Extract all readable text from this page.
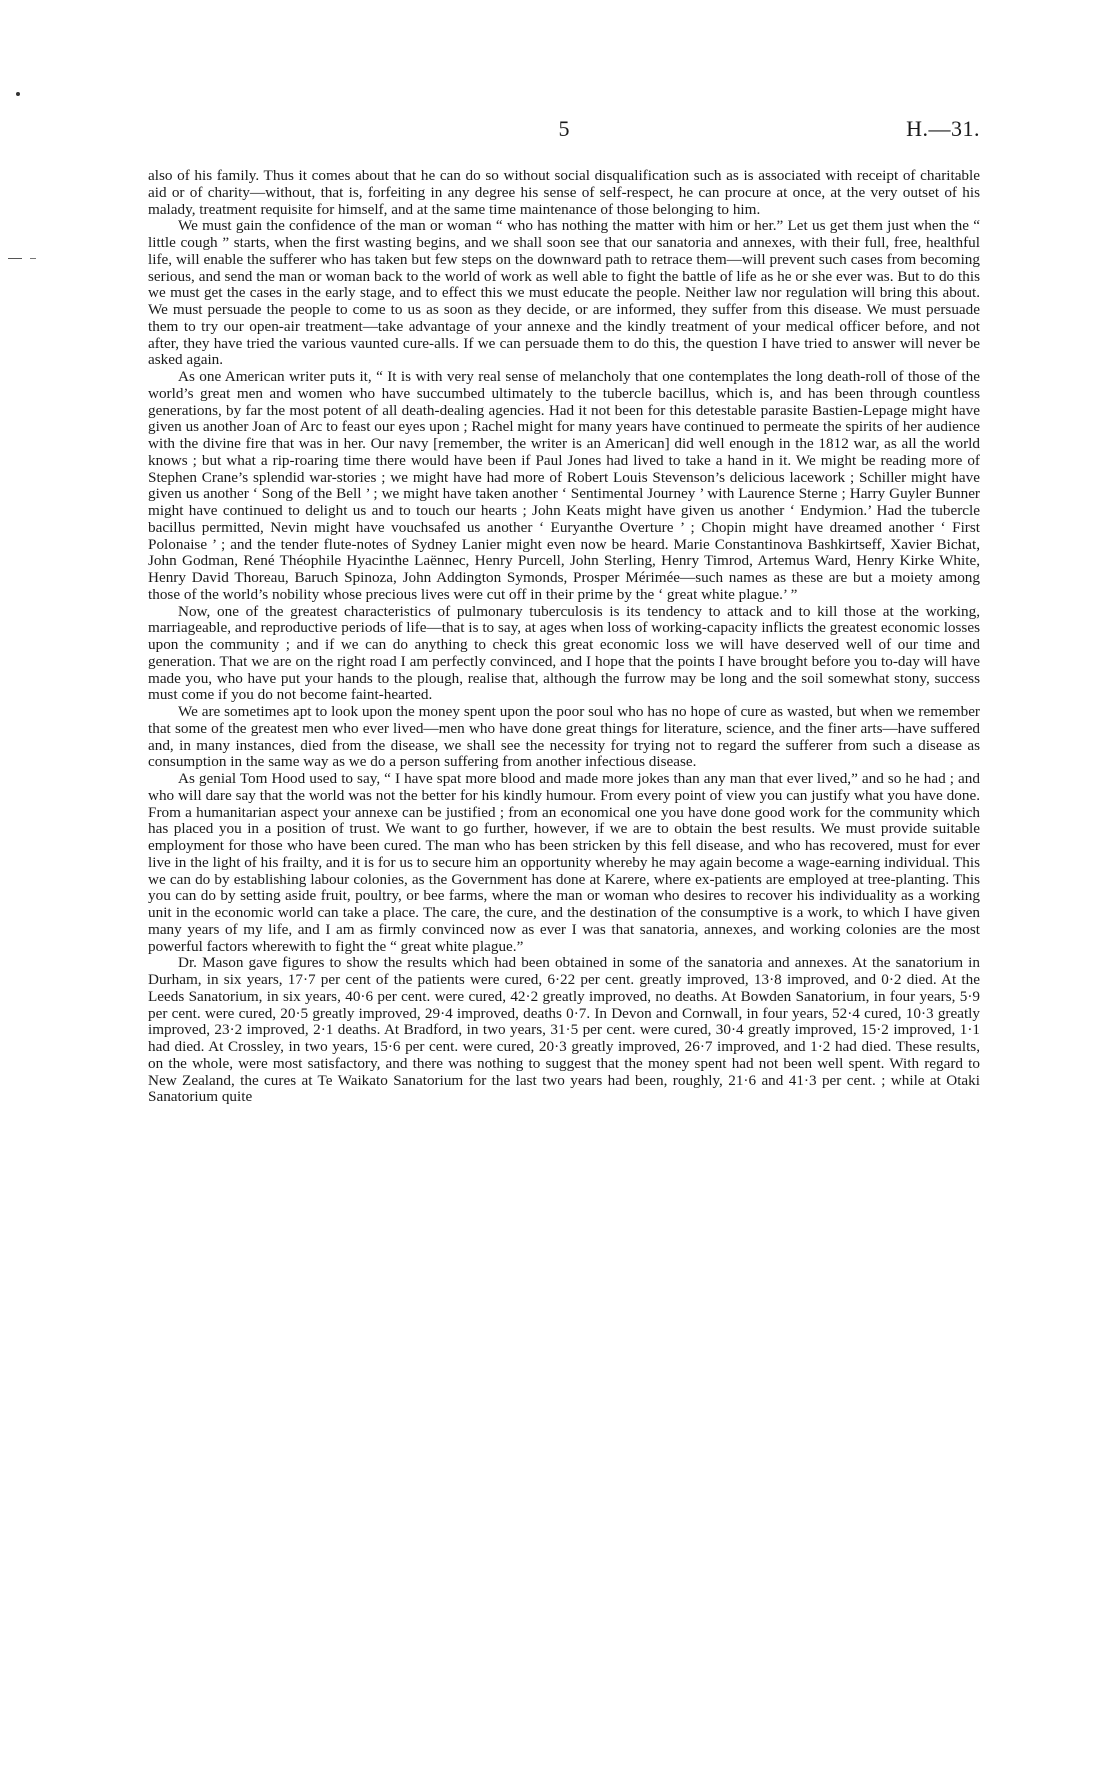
5	H.—31.

also of his family. Thus it comes about that he can do so without social disqualification such as is associated with receipt of charitable aid or of charity—without, that is, forfeiting in any degree his sense of self-respect, he can procure at once, at the very outset of his malady, treatment requisite for himself, and at the same time maintenance of those belonging to him.

We must gain the confidence of the man or woman “ who has nothing the matter with him or her.” Let us get them just when the “ little cough ” starts, when the first wasting begins, and we shall soon see that our sanatoria and annexes, with their full, free, healthful life, will enable the sufferer who has taken but few steps on the downward path to retrace them—will prevent such cases from becoming serious, and send the man or woman back to the world of work as well able to fight the battle of life as he or she ever was. But to do this we must get the cases in the early stage, and to effect this we must educate the people. Neither law nor regulation will bring this about. We must persuade the people to come to us as soon as they decide, or are informed, they suffer from this disease. We must persuade them to try our open-air treatment—take advantage of your annexe and the kindly treatment of your medical officer before, and not after, they have tried the various vaunted cure-alls. If we can persuade them to do this, the question I have tried to answer will never be asked again.

As one American writer puts it, “ It is with very real sense of melancholy that one contemplates the long death-roll of those of the world’s great men and women who have succumbed ultimately to the tubercle bacillus, which is, and has been through countless generations, by far the most potent of all death-dealing agencies. Had it not been for this detestable parasite Bastien-Lepage might have given us another Joan of Arc to feast our eyes upon ; Rachel might for many years have continued to permeate the spirits of her audience with the divine fire that was in her. Our navy [remember, the writer is an American] did well enough in the 1812 war, as all the world knows ; but what a rip-roaring time there would have been if Paul Jones had lived to take a hand in it. We might be reading more of Stephen Crane’s splendid war-stories ; we might have had more of Robert Louis Stevenson’s delicious lacework ; Schiller might have given us another ‘ Song of the Bell ’ ; we might have taken another ‘ Sentimental Journey ’ with Laurence Sterne ; Harry Guyler Bunner might have continued to delight us and to touch our hearts ; John Keats might have given us another ‘ Endymion.’ Had the tubercle bacillus permitted, Nevin might have vouchsafed us another ‘ Euryanthe Overture ’ ; Chopin might have dreamed another ‘ First Polonaise ’ ; and the tender flute-notes of Sydney Lanier might even now be heard. Marie Constantinova Bashkirtseff, Xavier Bichat, John Godman, René Théophile Hyacinthe Laënnec, Henry Purcell, John Sterling, Henry Timrod, Artemus Ward, Henry Kirke White, Henry David Thoreau, Baruch Spinoza, John Addington Symonds, Prosper Mérimée—such names as these are but a moiety among those of the world’s nobility whose precious lives were cut off in their prime by the ‘ great white plague.’ ”

Now, one of the greatest characteristics of pulmonary tuberculosis is its tendency to attack and to kill those at the working, marriageable, and reproductive periods of life—that is to say, at ages when loss of working-capacity inflicts the greatest economic losses upon the community ; and if we can do anything to check this great economic loss we will have deserved well of our time and generation. That we are on the right road I am perfectly convinced, and I hope that the points I have brought before you to-day will have made you, who have put your hands to the plough, realise that, although the furrow may be long and the soil somewhat stony, success must come if you do not become faint-hearted.

We are sometimes apt to look upon the money spent upon the poor soul who has no hope of cure as wasted, but when we remember that some of the greatest men who ever lived—men who have done great things for literature, science, and the finer arts—have suffered and, in many instances, died from the disease, we shall see the necessity for trying not to regard the sufferer from such a disease as consumption in the same way as we do a person suffering from another infectious disease.

As genial Tom Hood used to say, “ I have spat more blood and made more jokes than any man that ever lived,” and so he had ; and who will dare say that the world was not the better for his kindly humour. From every point of view you can justify what you have done. From a humanitarian aspect your annexe can be justified ; from an economical one you have done good work for the community which has placed you in a position of trust. We want to go further, however, if we are to obtain the best results. We must provide suitable employment for those who have been cured. The man who has been stricken by this fell disease, and who has recovered, must for ever live in the light of his frailty, and it is for us to secure him an opportunity whereby he may again become a wage-earning individual. This we can do by establishing labour colonies, as the Government has done at Karere, where ex-patients are employed at tree-planting. This you can do by setting aside fruit, poultry, or bee farms, where the man or woman who desires to recover his individuality as a working unit in the economic world can take a place. The care, the cure, and the destination of the consumptive is a work, to which I have given many years of my life, and I am as firmly convinced now as ever I was that sanatoria, annexes, and working colonies are the most powerful factors wherewith to fight the “ great white plague.”

Dr. Mason gave figures to show the results which had been obtained in some of the sanatoria and annexes. At the sanatorium in Durham, in six years, 17·7 per cent of the patients were cured, 6·22 per cent. greatly improved, 13·8 improved, and 0·2 died. At the Leeds Sanatorium, in six years, 40·6 per cent. were cured, 42·2 greatly improved, no deaths. At Bowden Sanatorium, in four years, 5·9 per cent. were cured, 20·5 greatly improved, 29·4 improved, deaths 0·7. In Devon and Cornwall, in four years, 52·4 cured, 10·3 greatly improved, 23·2 improved, 2·1 deaths. At Bradford, in two years, 31·5 per cent. were cured, 30·4 greatly improved, 15·2 improved, 1·1 had died. At Crossley, in two years, 15·6 per cent. were cured, 20·3 greatly improved, 26·7 improved, and 1·2 had died. These results, on the whole, were most satisfactory, and there was nothing to suggest that the money spent had not been well spent. With regard to New Zealand, the cures at Te Waikato Sanatorium for the last two years had been, roughly, 21·6 and 41·3 per cent. ; while at Otaki Sanatorium quite
